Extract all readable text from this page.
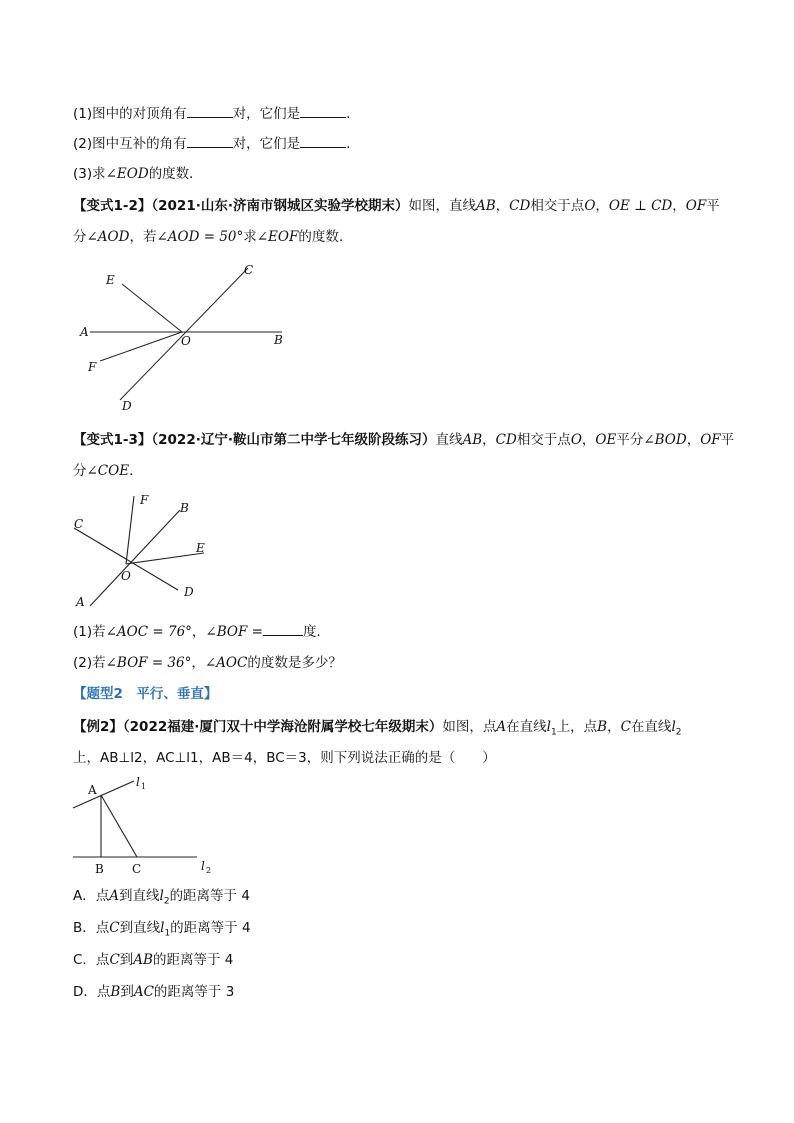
(1)图中的对顶角有	对，它们是	.
(2)图中互补的角有	对，它们是	.
(3)求∠EOD的度数．
【变式1-2】（2021·山东·济南市钢城区实验学校期末）如图，直线AB，CD相交于点O，OE ⊥ CD，OF平
分∠AOD，若∠AOD = 50°求∠EOF的度数.
E
C
A
O	B
F
D
【变式1-3】（2022·辽宁·鞍山市第二中学七年级阶段练习）直线AB，CD相交于点O，OE平分∠BOD，OF平
分∠COE．
F
B
C
E
O
A
D
(1)若∠AOC = 76°，∠BOF =	度.
(2)若∠BOF = 36°，∠AOC的度数是多少？
【题型2　平行、垂直】
【例2】（2022福建·厦门双十中学海沧附属学校七年级期末）如图，点A在直线$l_1$上，点B，C在直线$l_2$
上，AB⊥l2，AC⊥l1，AB＝4，BC＝3，则下列说法正确的是（　　）
A
l 1
B C	l 2
A．点A到直线$l_2$的距离等于 4
B．点C到直线$l_1$的距离等于 4
C．点C到AB的距离等于 4
D．点B到AC的距离等于 3
